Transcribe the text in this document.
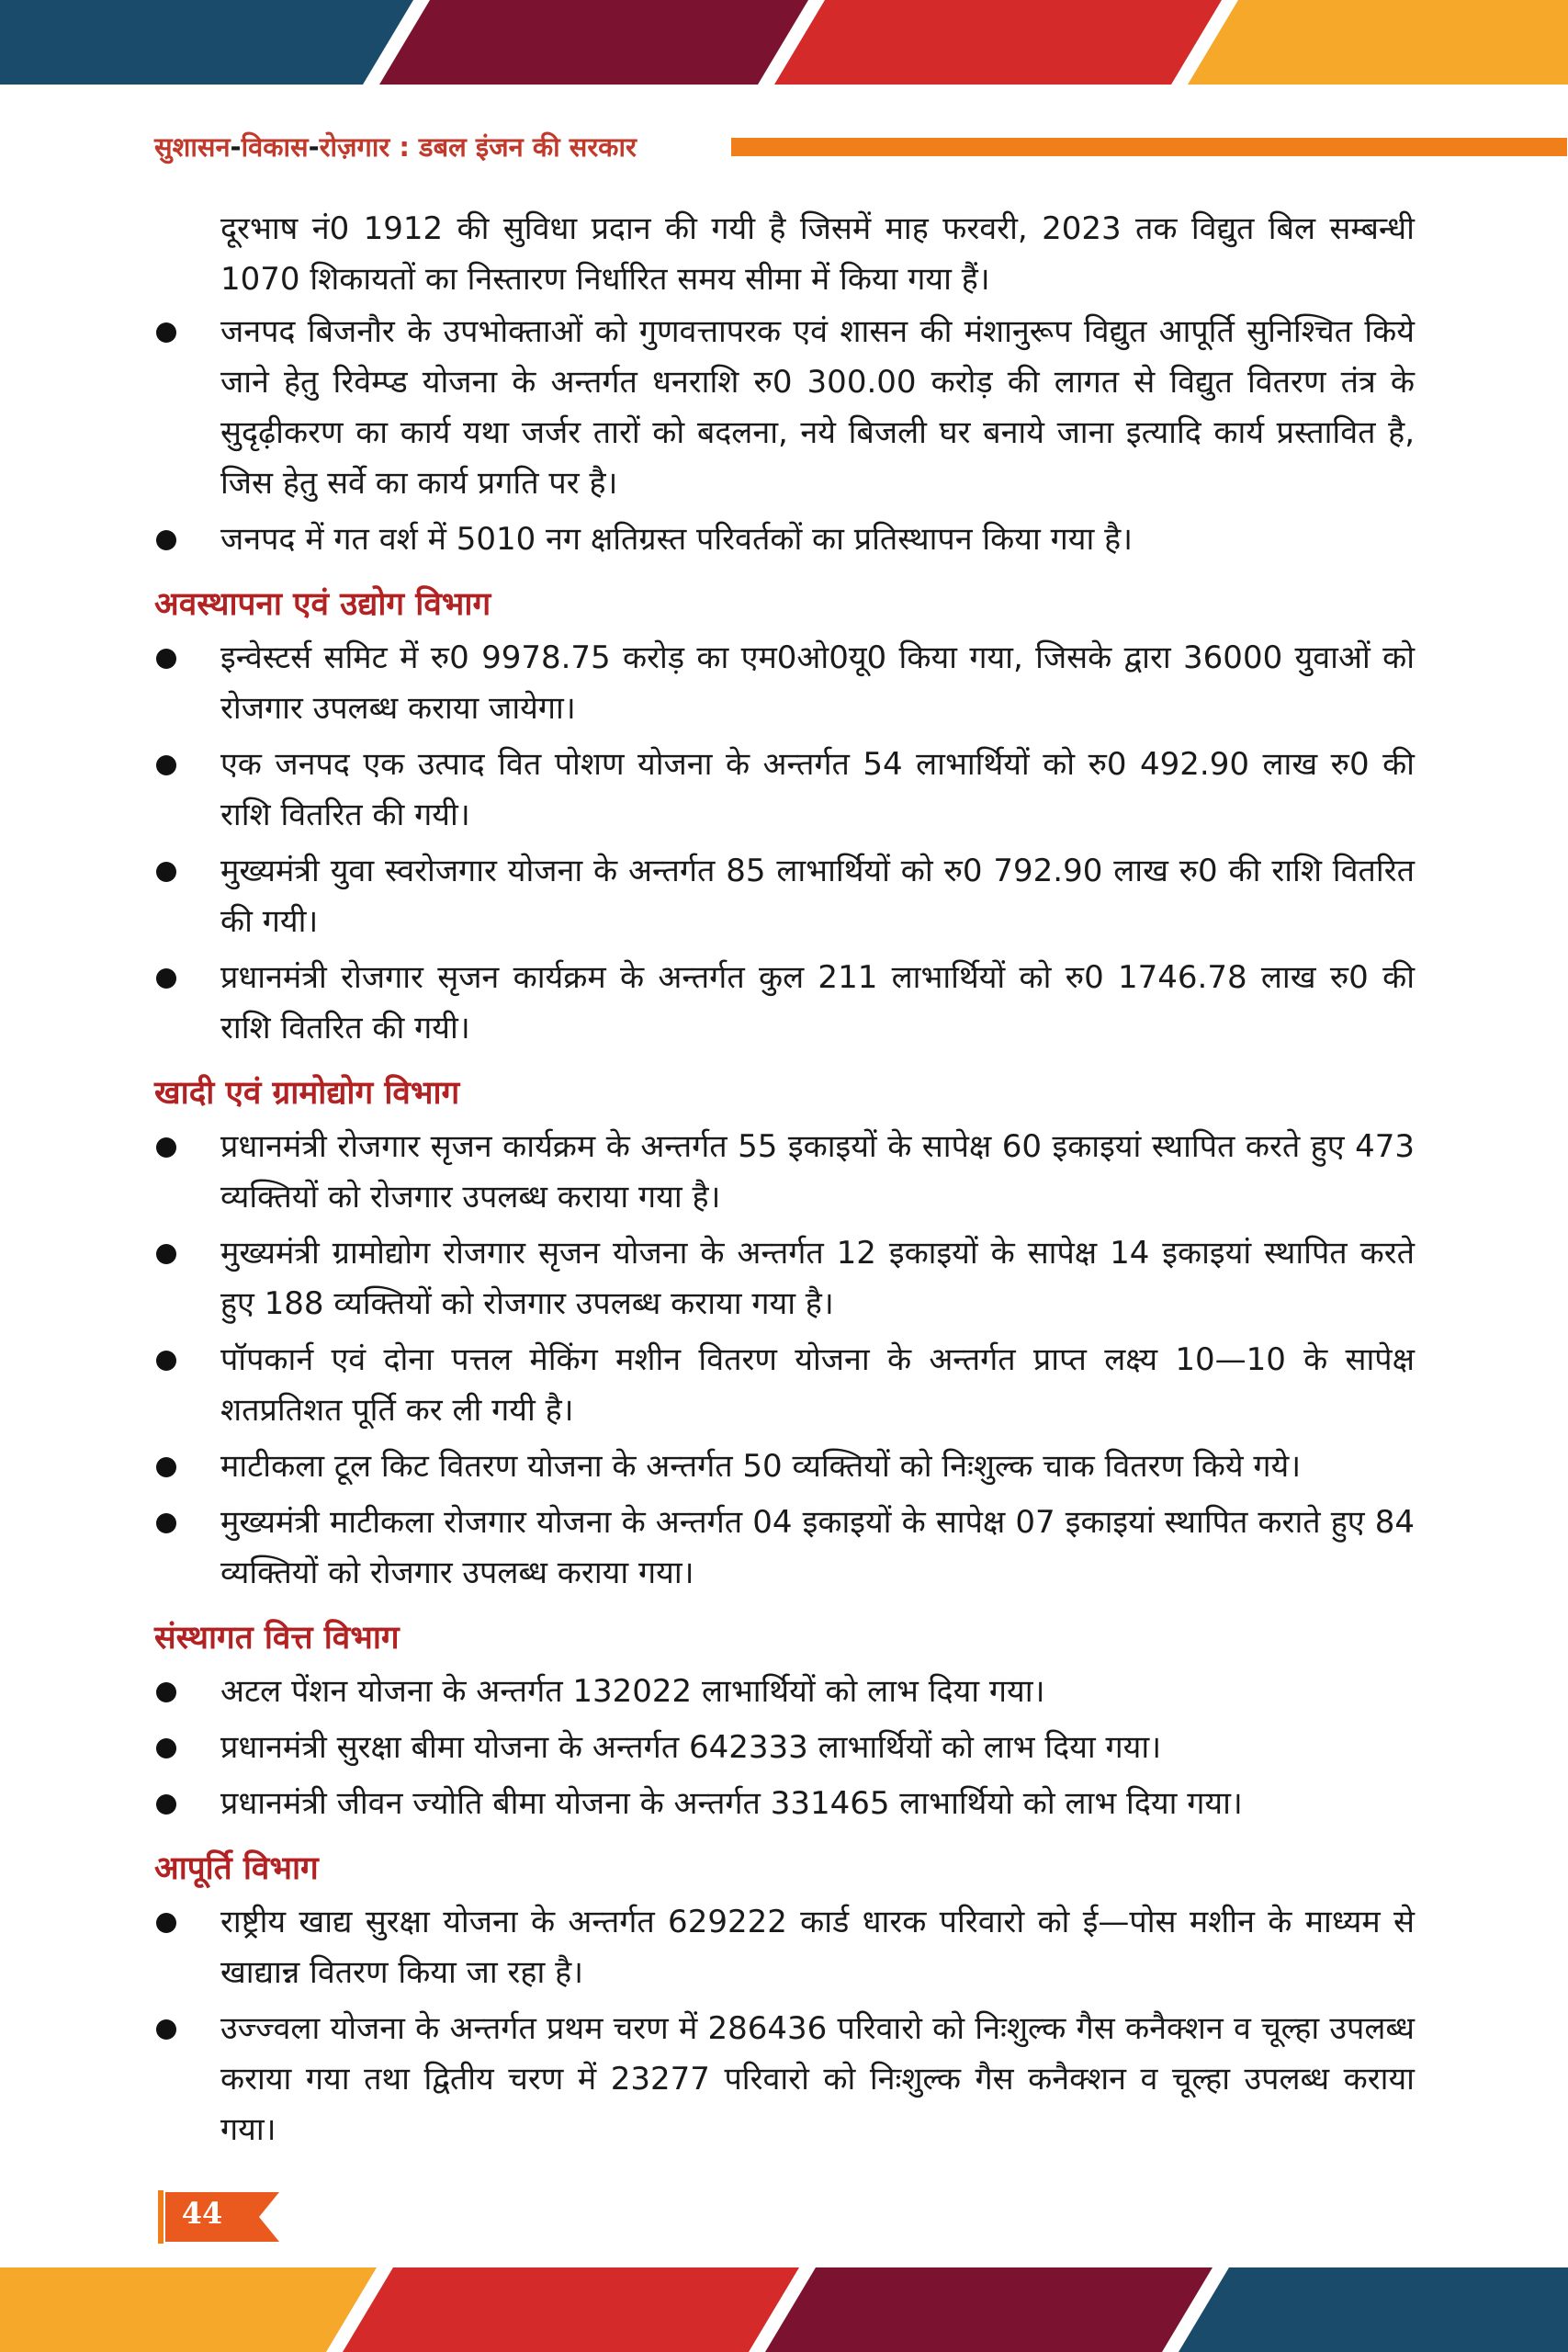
सुशासन-विकास-रोज़गार : डबल इंजन की सरकार

दूरभाष नं0 1912 की सुविधा प्रदान की गयी है जिसमें माह फरवरी, 2023 तक विद्युत बिल सम्बन्धी 1070 शिकायतों का निस्तारण निर्धारित समय सीमा में किया गया हैं।

जनपद बिजनौर के उपभोक्ताओं को गुणवत्तापरक एवं शासन की मंशानुरूप विद्युत आपूर्ति सुनिश्चित किये जाने हेतु रिवेम्प्ड योजना के अन्तर्गत धनराशि रु0 300.00 करोड़ की लागत से विद्युत वितरण तंत्र के सुदृढ़ीकरण का कार्य यथा जर्जर तारों को बदलना, नये बिजली घर बनाये जाना इत्यादि कार्य प्रस्तावित है, जिस हेतु सर्वे का कार्य प्रगति पर है।
जनपद में गत वर्श में 5010 नग क्षतिग्रस्त परिवर्तकों का प्रतिस्थापन किया गया है।
अवस्थापना एवं उद्योग विभाग
इन्वेस्टर्स समिट में रु0 9978.75 करोड़ का एम0ओ0यू0 किया गया, जिसके द्वारा 36000 युवाओं को रोजगार उपलब्ध कराया जायेगा।
एक जनपद एक उत्पाद वित पोशण योजना के अन्तर्गत 54 लाभार्थियों को रु0 492.90 लाख रु0 की राशि वितरित की गयी।
मुख्यमंत्री युवा स्वरोजगार योजना के अन्तर्गत 85 लाभार्थियों को रु0 792.90 लाख रु0 की राशि वितरित की गयी।
प्रधानमंत्री रोजगार सृजन कार्यक्रम के अन्तर्गत कुल 211 लाभार्थियों को रु0 1746.78 लाख रु0 की राशि वितरित की गयी।
खादी एवं ग्रामोद्योग विभाग
प्रधानमंत्री रोजगार सृजन कार्यक्रम के अन्तर्गत 55 इकाइयों के सापेक्ष 60 इकाइयां स्थापित करते हुए 473 व्यक्तियों को रोजगार उपलब्ध कराया गया है।
मुख्यमंत्री ग्रामोद्योग रोजगार सृजन योजना के अन्तर्गत 12 इकाइयों के सापेक्ष 14 इकाइयां स्थापित करते हुए 188 व्यक्तियों को रोजगार उपलब्ध कराया गया है।
पॉपकार्न एवं दोना पत्तल मेकिंग मशीन वितरण योजना के अन्तर्गत प्राप्त लक्ष्य 10—10 के सापेक्ष शतप्रतिशत पूर्ति कर ली गयी है।
माटीकला टूल किट वितरण योजना के अन्तर्गत 50 व्यक्तियों को निःशुल्क चाक वितरण किये गये।
मुख्यमंत्री माटीकला रोजगार योजना के अन्तर्गत 04 इकाइयों के सापेक्ष 07 इकाइयां स्थापित कराते हुए 84 व्यक्तियों को रोजगार उपलब्ध कराया गया।
संस्थागत वित्त विभाग
अटल पेंशन योजना के अन्तर्गत 132022 लाभार्थियों को लाभ दिया गया।
प्रधानमंत्री सुरक्षा बीमा योजना के अन्तर्गत 642333 लाभार्थियों को लाभ दिया गया।
प्रधानमंत्री जीवन ज्योति बीमा योजना के अन्तर्गत 331465 लाभार्थियो को लाभ दिया गया।
आपूर्ति विभाग
राष्ट्रीय खाद्य सुरक्षा योजना के अन्तर्गत 629222 कार्ड धारक परिवारो को ई—पोस मशीन के माध्यम से खाद्यान्न वितरण किया जा रहा है।
उज्ज्वला योजना के अन्तर्गत प्रथम चरण में 286436 परिवारो को निःशुल्क गैस कनैक्शन व चूल्हा उपलब्ध कराया गया तथा द्वितीय चरण में 23277 परिवारो को निःशुल्क गैस कनैक्शन व चूल्हा उपलब्ध कराया गया।
44
